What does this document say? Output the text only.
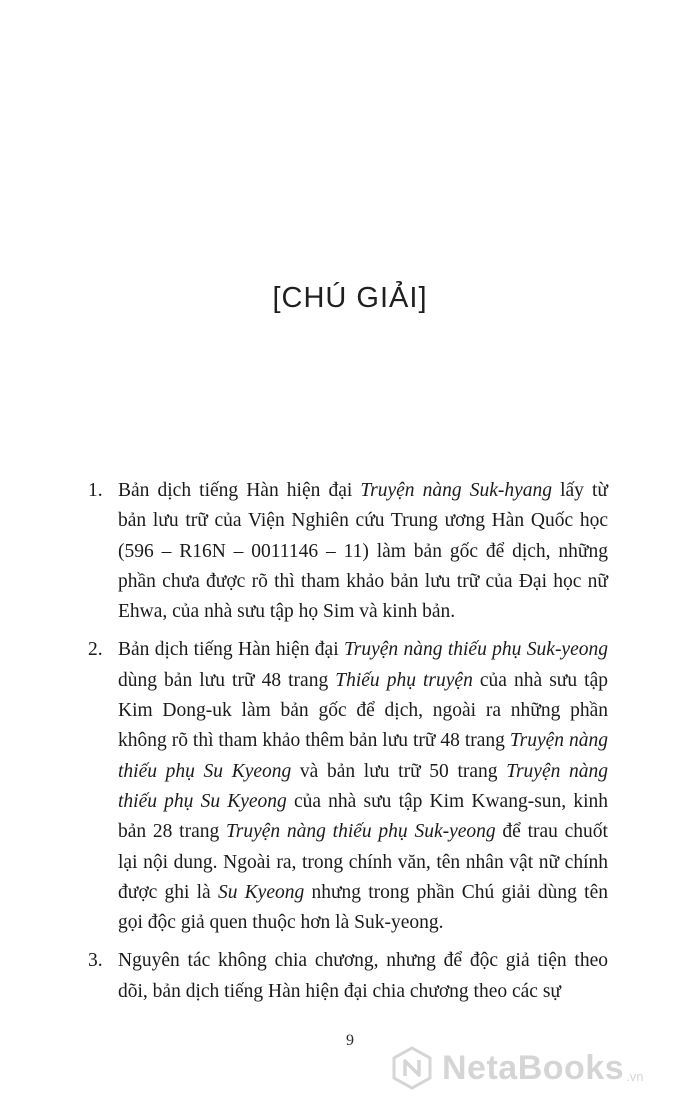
[CHÚ GIẢI]
1. Bản dịch tiếng Hàn hiện đại Truyện nàng Suk-hyang lấy từ bản lưu trữ của Viện Nghiên cứu Trung ương Hàn Quốc học (596 – R16N – 0011146 – 11) làm bản gốc để dịch, những phần chưa được rõ thì tham khảo bản lưu trữ của Đại học nữ Ehwa, của nhà sưu tập họ Sim và kinh bản.
2. Bản dịch tiếng Hàn hiện đại Truyện nàng thiếu phụ Suk-yeong dùng bản lưu trữ 48 trang Thiếu phụ truyện của nhà sưu tập Kim Dong-uk làm bản gốc để dịch, ngoài ra những phần không rõ thì tham khảo thêm bản lưu trữ 48 trang Truyện nàng thiếu phụ Su Kyeong và bản lưu trữ 50 trang Truyện nàng thiếu phụ Su Kyeong của nhà sưu tập Kim Kwang-sun, kinh bản 28 trang Truyện nàng thiếu phụ Suk-yeong để trau chuốt lại nội dung. Ngoài ra, trong chính văn, tên nhân vật nữ chính được ghi là Su Kyeong nhưng trong phần Chú giải dùng tên gọi độc giả quen thuộc hơn là Suk-yeong.
3. Nguyên tác không chia chương, nhưng để độc giả tiện theo dõi, bản dịch tiếng Hàn hiện đại chia chương theo các sự
9
NetaBooks .vn
